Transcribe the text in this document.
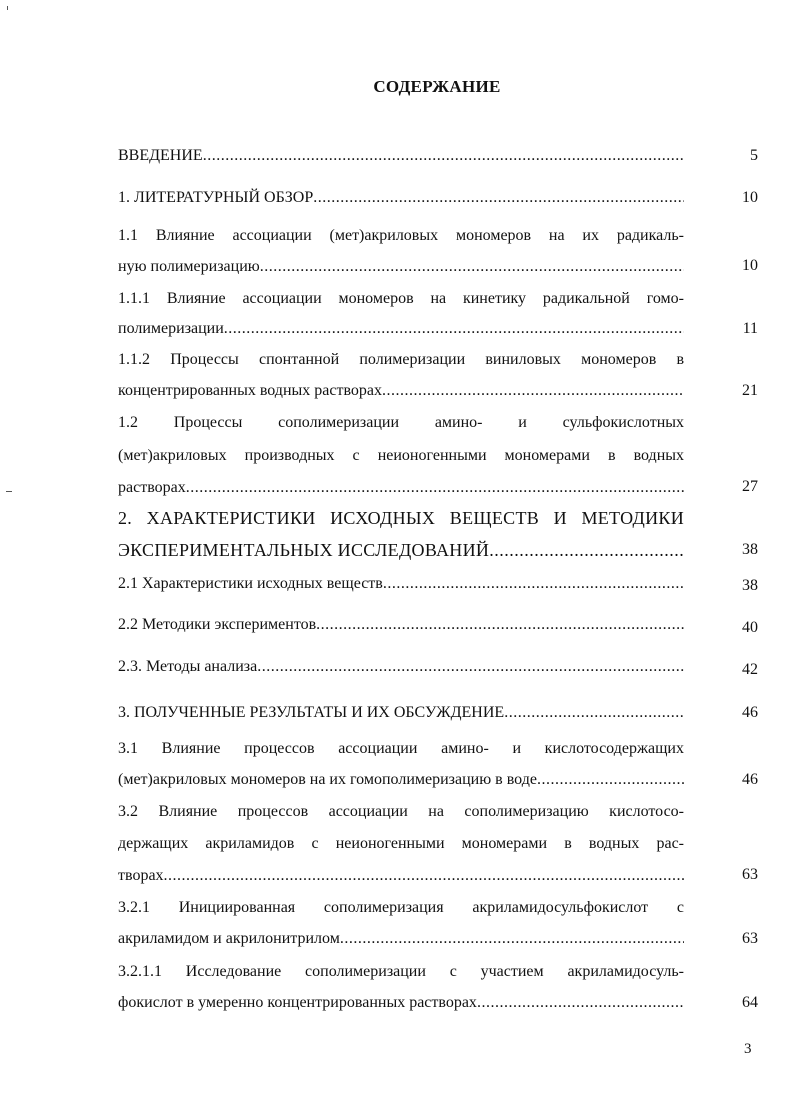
СОДЕРЖАНИЕ
ВВЕДЕНИЕ .....	5
1. ЛИТЕРАТУРНЫЙ ОБЗОР .....	10
1.1 Влияние ассоциации (мет)акриловых мономеров на их радикаль-
ную полимеризацию .....	10
1.1.1 Влияние ассоциации мономеров на кинетику радикальной гомо-
полимеризации .....	11
1.1.2 Процессы спонтанной полимеризации виниловых мономеров в
концентрированных водных растворах .....	21
1.2 Процессы сополимеризации амино- и сульфокислотных
(мет)акриловых производных с неионогенными мономерами в водных
растворах .....	27
2. ХАРАКТЕРИСТИКИ ИСХОДНЫХ ВЕЩЕСТВ И МЕТОДИКИ
ЭКСПЕРИМЕНТАЛЬНЫХ ИССЛЕДОВАНИЙ .....	38
2.1 Характеристики исходных веществ .....	38
2.2 Методики экспериментов .....	40
2.3. Методы анализа .....	42
3. ПОЛУЧЕННЫЕ РЕЗУЛЬТАТЫ И ИХ ОБСУЖДЕНИЕ .....	46
3.1 Влияние процессов ассоциации амино- и кислотосодержащих
(мет)акриловых мономеров на их гомополимеризацию в воде .....	46
3.2 Влияние процессов ассоциации на сополимеризацию кислотосо-
держащих акриламидов с неионогенными мономерами в водных рас-
творах .....	63
3.2.1 Инициированная сополимеризация акриламидосульфокислот с
акриламидом и акрилонитрилом .....	63
3.2.1.1 Исследование сополимеризации с участием акриламидосуль-
фокислот в умеренно концентрированных растворах .....	64
3
